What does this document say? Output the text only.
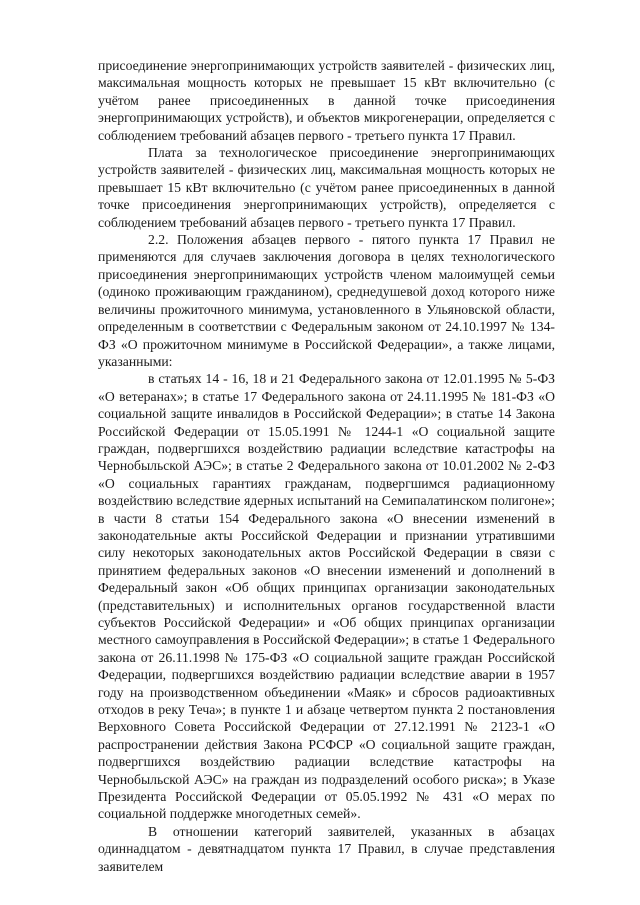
присоединение энергопринимающих устройств заявителей - физических лиц, максимальная мощность которых не превышает 15 кВт включительно (с учётом ранее присоединенных в данной точке присоединения энергопринимающих устройств), и объектов микрогенерации, определяется с соблюдением требований абзацев первого - третьего пункта 17 Правил.

Плата за технологическое присоединение энергопринимающих устройств заявителей - физических лиц, максимальная мощность которых не превышает 15 кВт включительно (с учётом ранее присоединенных в данной точке присоединения энергопринимающих устройств), определяется с соблюдением требований абзацев первого - третьего пункта 17 Правил.

2.2. Положения абзацев первого - пятого пункта 17 Правил не применяются для случаев заключения договора в целях технологического присоединения энергопринимающих устройств членом малоимущей семьи (одиноко проживающим гражданином), среднедушевой доход которого ниже величины прожиточного минимума, установленного в Ульяновской области, определенным в соответствии с Федеральным законом от 24.10.1997 № 134-ФЗ «О прожиточном минимуме в Российской Федерации», а также лицами, указанными:

в статьях 14 - 16, 18 и 21 Федерального закона от 12.01.1995 № 5-ФЗ «О ветеранах»; в статье 17 Федерального закона от 24.11.1995 № 181-ФЗ «О социальной защите инвалидов в Российской Федерации»; в статье 14 Закона Российской Федерации от 15.05.1991 № 1244-1 «О социальной защите граждан, подвергшихся воздействию радиации вследствие катастрофы на Чернобыльской АЭС»; в статье 2 Федерального закона от 10.01.2002 № 2-ФЗ «О социальных гарантиях гражданам, подвергшимся радиационному воздействию вследствие ядерных испытаний на Семипалатинском полигоне»; в части 8 статьи 154 Федерального закона «О внесении изменений в законодательные акты Российской Федерации и признании утратившими силу некоторых законодательных актов Российской Федерации в связи с принятием федеральных законов «О внесении изменений и дополнений в Федеральный закон «Об общих принципах организации законодательных (представительных) и исполнительных органов государственной власти субъектов Российской Федерации» и «Об общих принципах организации местного самоуправления в Российской Федерации»; в статье 1 Федерального закона от 26.11.1998 № 175-ФЗ «О социальной защите граждан Российской Федерации, подвергшихся воздействию радиации вследствие аварии в 1957 году на производственном объединении «Маяк» и сбросов радиоактивных отходов в реку Теча»; в пункте 1 и абзаце четвертом пункта 2 постановления Верховного Совета Российской Федерации от 27.12.1991 № 2123-1 «О распространении действия Закона РСФСР «О социальной защите граждан, подвергшихся воздействию радиации вследствие катастрофы на Чернобыльской АЭС» на граждан из подразделений особого риска»; в Указе Президента Российской Федерации от 05.05.1992 № 431 «О мерах по социальной поддержке многодетных семей».

В отношении категорий заявителей, указанных в абзацах одиннадцатом - девятнадцатом пункта 17 Правил, в случае представления заявителем
